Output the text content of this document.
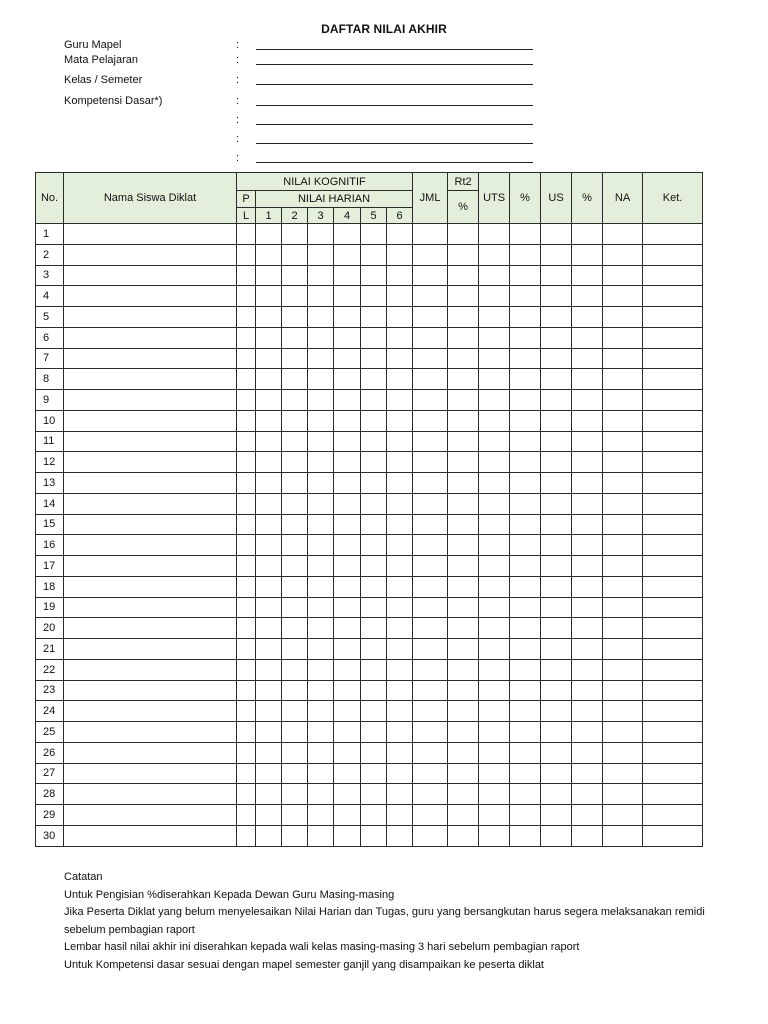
DAFTAR NILAI AKHIR
Guru Mapel	:
Mata Pelajaran	:
Kelas / Semeter	:
Kompetensi Dasar*)	:
:
:
:
No.	Nama Siswa Diklat	NILAI KOGNITIF							JML	Rt2	UTS	%	US	%	NA	Ket.
		P	NILAI HARIAN							%						
		L	1	2	3	4	5	6								
1																
2																
3																
4																
5																
6																
7																
8																
9																
10																
11																
12																
13																
14																
15																
16																
17																
18																
19																
20																
21																
22																
23																
24																
25																
26																
27																
28																
29																
30																
Catatan
Untuk Pengisian %diserahkan Kepada Dewan Guru Masing-masing
Jika Peserta Diklat yang belum menyelesaikan Nilai Harian dan Tugas, guru yang bersangkutan harus segera melaksanakan remidi
sebelum pembagian raport
Lembar hasil nilai akhir ini diserahkan kepada wali kelas masing-masing 3 hari sebelum pembagian raport
Untuk Kompetensi dasar sesuai dengan mapel semester ganjil yang disampaikan ke peserta diklat
